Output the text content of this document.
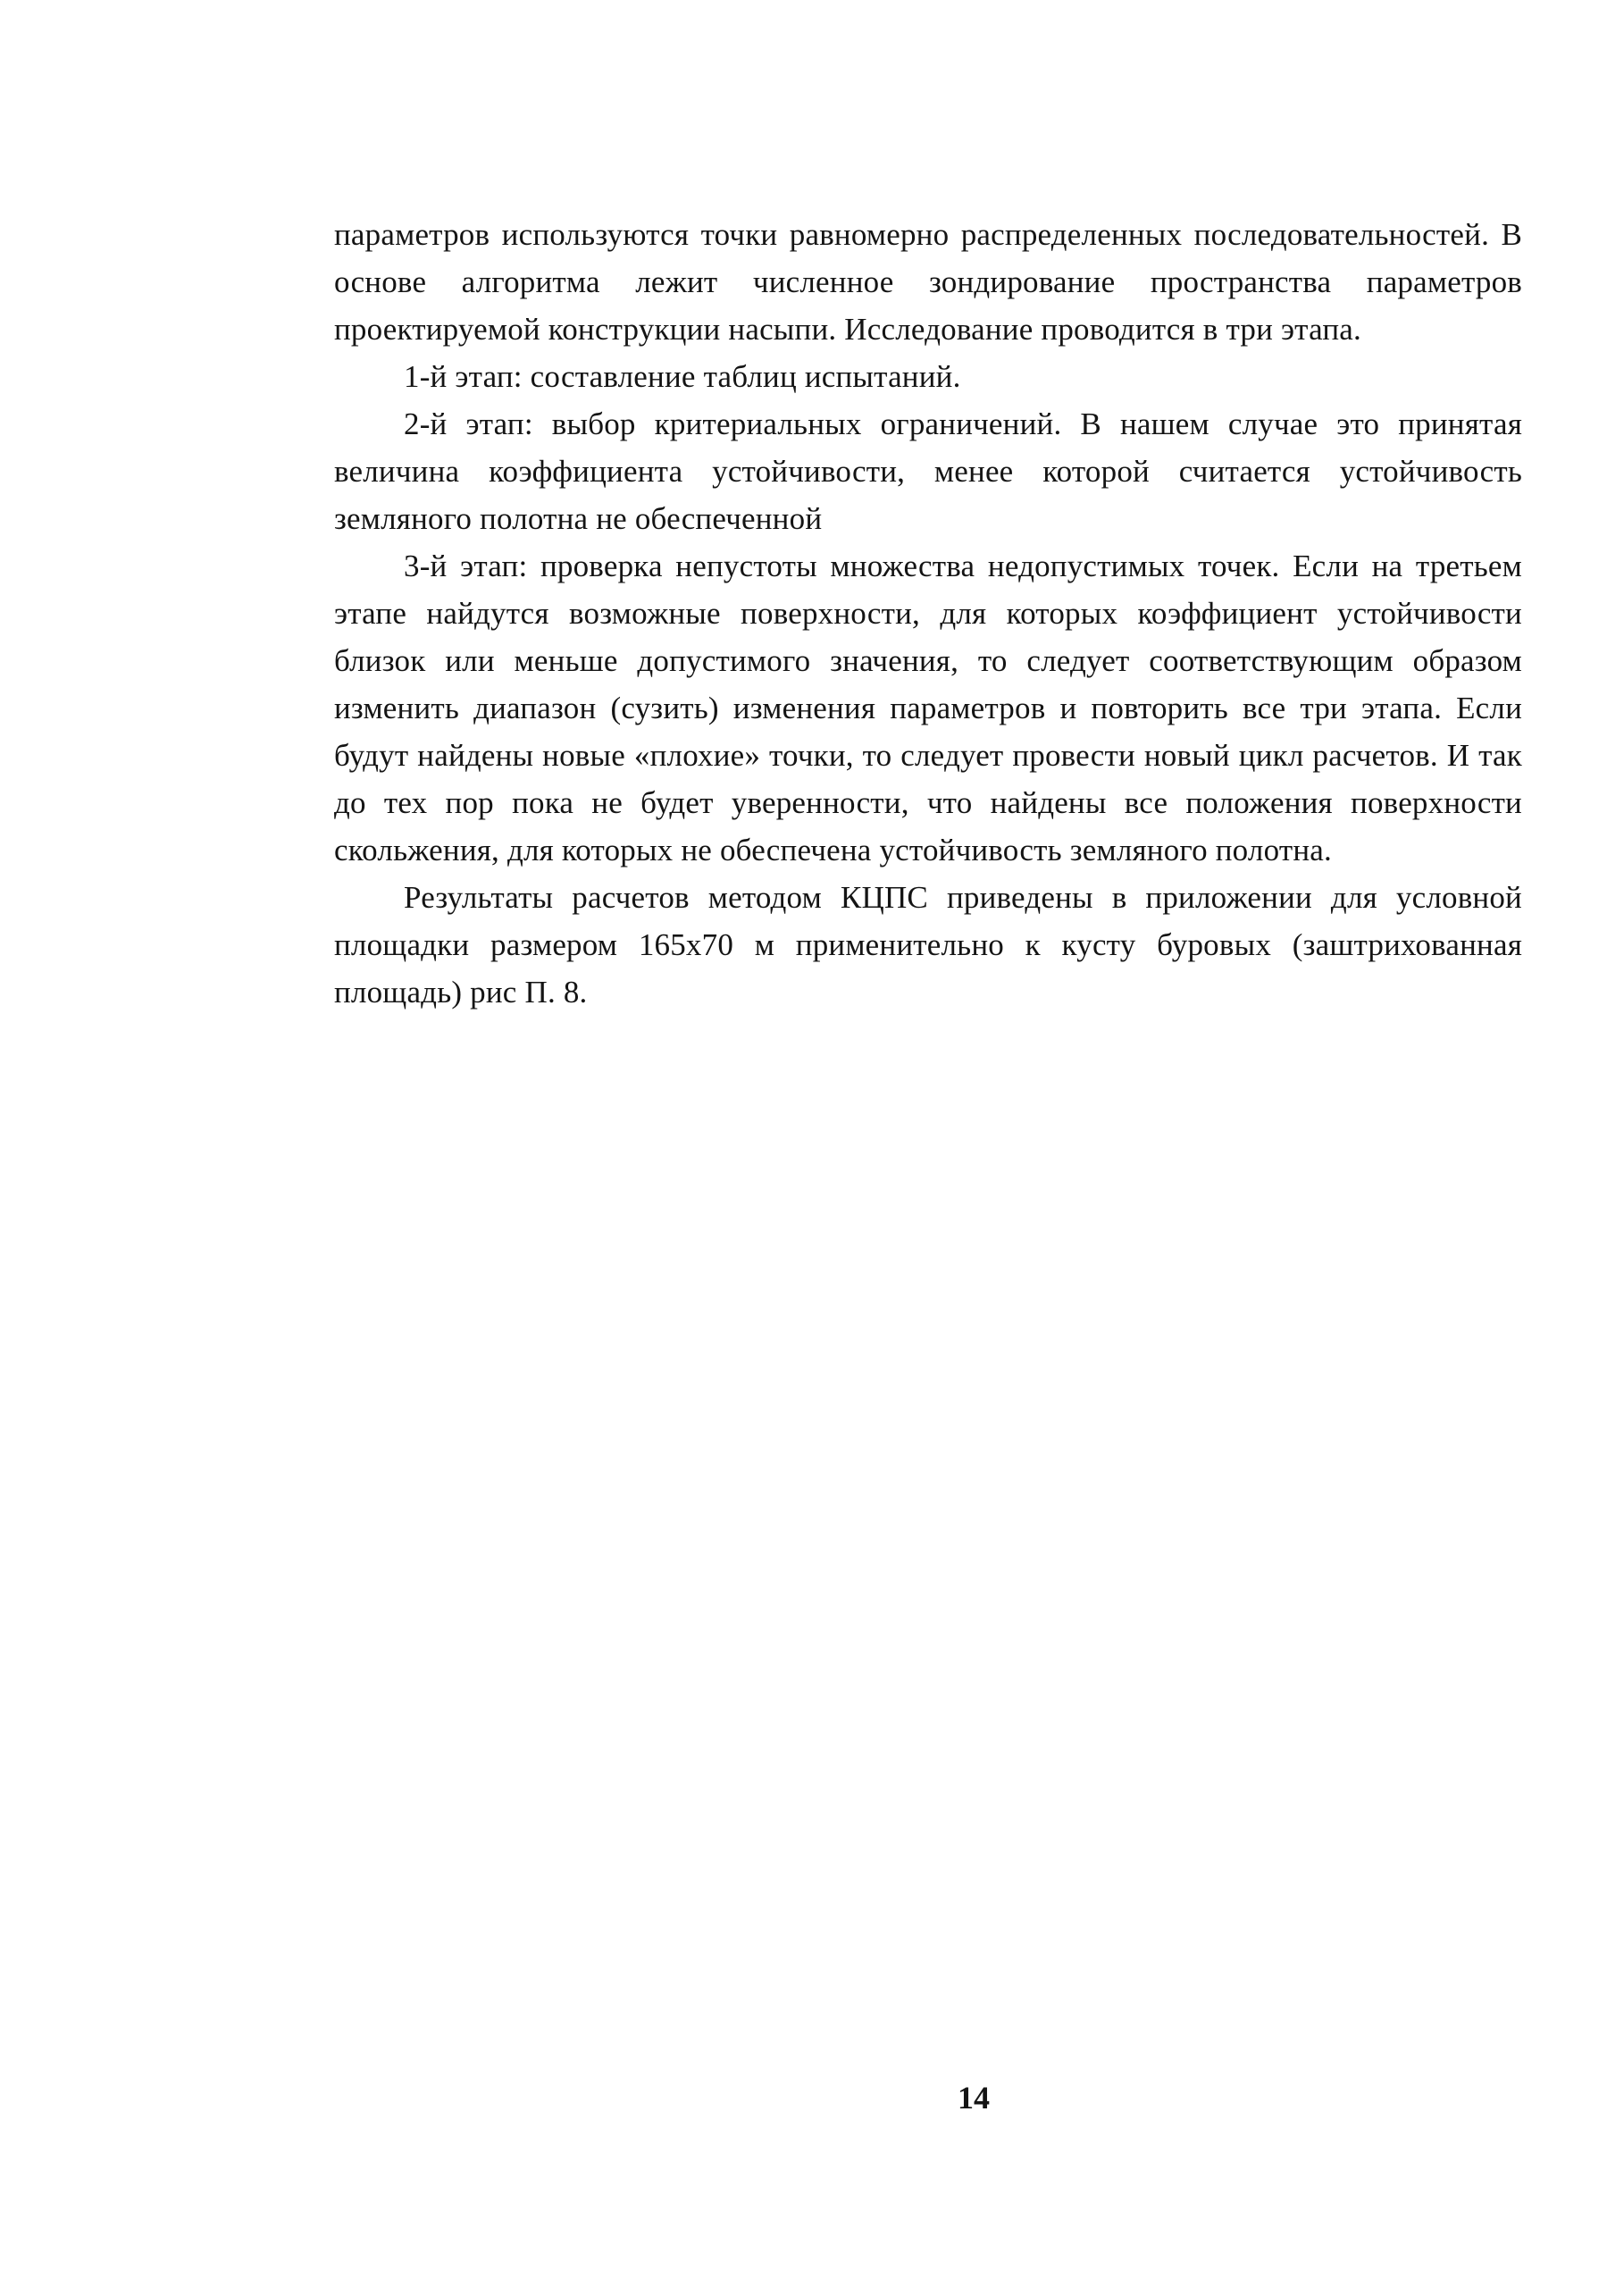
параметров используются точки равномерно распределенных последовательностей. В основе алгоритма лежит численное зондирование пространства параметров проектируемой конструкции насыпи. Исследование проводится в три этапа.

1-й этап: составление таблиц испытаний.

2-й этап: выбор критериальных ограничений. В нашем случае это принятая величина коэффициента устойчивости, менее которой считается устойчивость земляного полотна не обеспеченной

3-й этап: проверка непустоты множества недопустимых точек. Если на третьем этапе найдутся возможные поверхности, для которых коэффициент устойчивости близок или меньше допустимого значения, то следует соответствующим образом изменить диапазон (сузить) изменения параметров и повторить все три этапа. Если будут найдены новые «плохие» точки, то следует провести новый цикл расчетов. И так до тех пор пока не будет уверенности, что найдены все положения поверхности скольжения, для которых не обеспечена устойчивость земляного полотна.

Результаты расчетов методом КЦПС приведены в приложении для условной площадки размером 165х70 м применительно к кусту буровых (заштрихованная площадь) рис П. 8.

14
